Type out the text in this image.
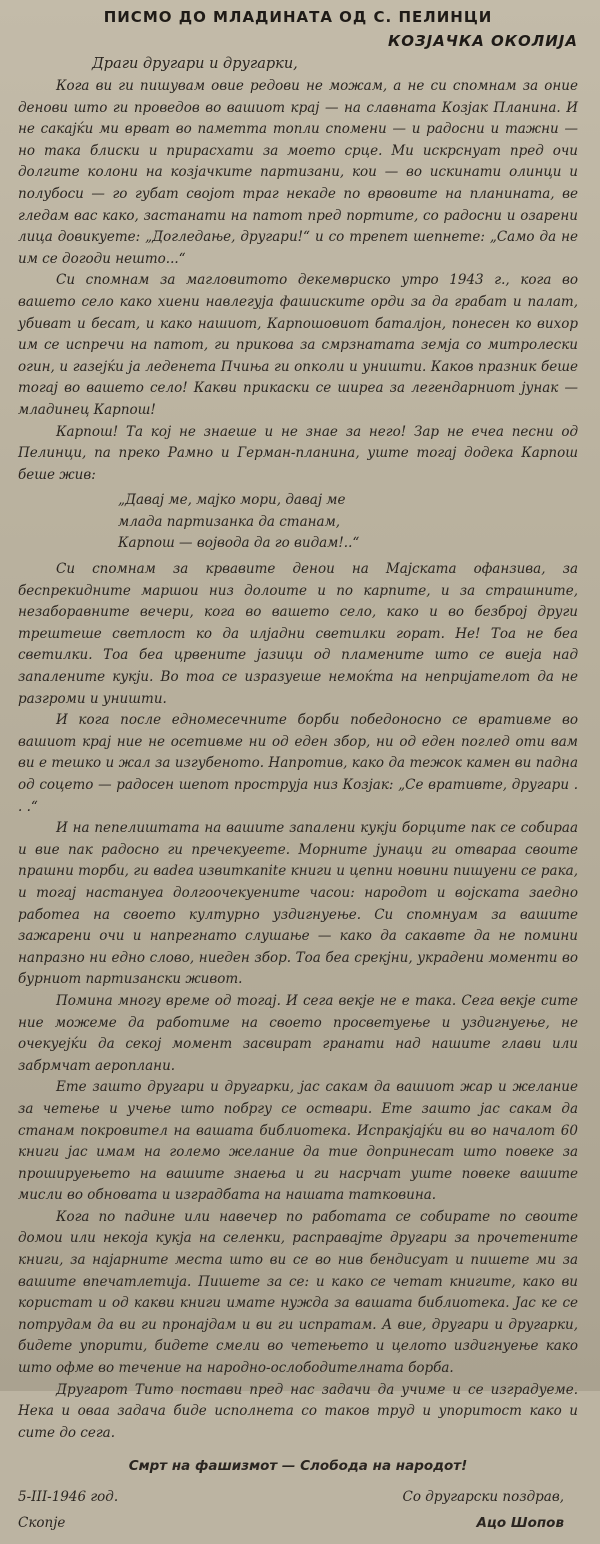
ПИСМО ДО МЛАДИНАТА ОД С. ПЕЛИНЦИ
КОЗЈАЧКА ОКОЛИЈА
Драги другари и другарки,

Кога ви ги пишувам овие редови не можам, а не си спомнам за оние денови што ги проведов во вашиот крај — на славната Козјак Планина. И не сакајќи ми врват во паметта топли спомени — и радосни и тажни — но така блиски и прирасхати за моето срце. Ми искрснуат пред очи долгите колони на козјачките партизани, кои — во искинати олинци и полубоси — го губат својот траг некаде по врвовите на планината, ве гледам вас како, застанати на патот пред портите, со радосни и озарени лица довикуете: „Догледање, другари!“ и со трепет шепнете: „Само да не им се догоди нешто...“

Си спомнам за магловитото декемвриско утро 1943 г., кога во вашето село како хиени навлегуја фашиските орди за да грабат и палат, убиват и бесат, и како нашиот, Карпошовиот баталјон, понесен ко вихор им се испречи на патот, ги прикова за смрзнатата земја со митролески огин, и газејќи ја леденета Пчиња ги опколи и уништи. Каков празник беше тогај во вашето село! Какви прикаски се ширеа за легендарниот јунак — младинец Карпош!

Карпош! Та кој не знаеше и не знае за него! Зар не ечеа песни од Пелинци, па преко Рамно и Герман-планина, уште тогај додека Карпош беше жив:

„Давај ме, мајко мори, давај ме
млада партизанка да станам,
Карпош — војвода да го видам!..“

Си спомнам за крвавите денои на Мајската офанзива, за беспрекидните маршои низ долоите и по карпите, и за страшните, незаборавните вечери, кога во вашето село, како и во безброј други трештеше светлост ко да илјадни светилки горат. Не! Тоа не беа светилки. Тоа беа црвените јазици од пламените што се виеја над запалените кукји. Во тоа се изразуеше немоќта на непријателот да не разгроми и уништи.

И кога после едномесечните борби победоносно се вративме во вашиот крај ние не осетивме ни од еден збор, ни од еден поглед оти вам ви е тешко и жал за изгубеното. Напротив, како да тежок камен ви падна од соцето — радосен шепот проструја низ Козјак: „Се вративте, другари . . .“

И на пепелиштата на вашите запалени кукји борците пак се собираа и вие пак радосно ги пречекуеете. Морните јунаци ги отвараа своите прашни торби, ги ваdea извиткаnite книги и цепни новини пишуени се рака, и тогај настануеа долгоочекуените часои: народот и војската заедно работеа на своето културно уздигнуење. Си спомнуам за вашите зажарени очи и напрегнато слушање — како да сакавте да не помини напразно ни едно слово, ниеден збор. Тоа беа срекјни, украдени моменти во бурниот партизански живот.

Помина многу време од тогај. И сега векје не е така. Сега векје сите ние можеме да работиме на своето просветуење и уздигнуење, не очекуејќи да секој момент засвират гранати над нашите глави или забрмчат аероплани.

Ете зашто другари и другарки, јас сакам да вашиот жар и желание за четење и учење што побргу се оствари. Ете зашто јас сакам да станам покровител на вашата библиотека. Испракјајќи ви во началот 60 книги јас имам нa големо желание да тие допринесат што повеке за прошируењето на вашите знаења и ги насрчат уште повеке вашите мисли во обновата и изградбата на нашата татковина.

Кога по падине или навечер по работата се собирате по своите домои или некоја кукја на селенки, расправајте другари за прочетените книги, за најарните места што ви се во нив бендисуат и пишете ми за вашите впечатлетија. Пишете за се: и како се четат книгите, како ви користат и од какви книги имате нужда за вашата библиотека. Јас ке се потрудам да ви ги пронајдам и ви ги испратам. А вие, другари и другарки, бидете упорити, бидете смели во четењето и целото издигнуење како што офме во течение на народно-ослободителната борба.

Другарот Тито постави пред нас задачи да учиме и се изградуеме. Нека и оваа задача биде исполнета со таков труд и упоритост како и сите до сега.

Смрт на фашизмот — Слобода на народот!
5-III-1946 год.
Скопје
Со другарски поздрав,
Ацо Шопов
